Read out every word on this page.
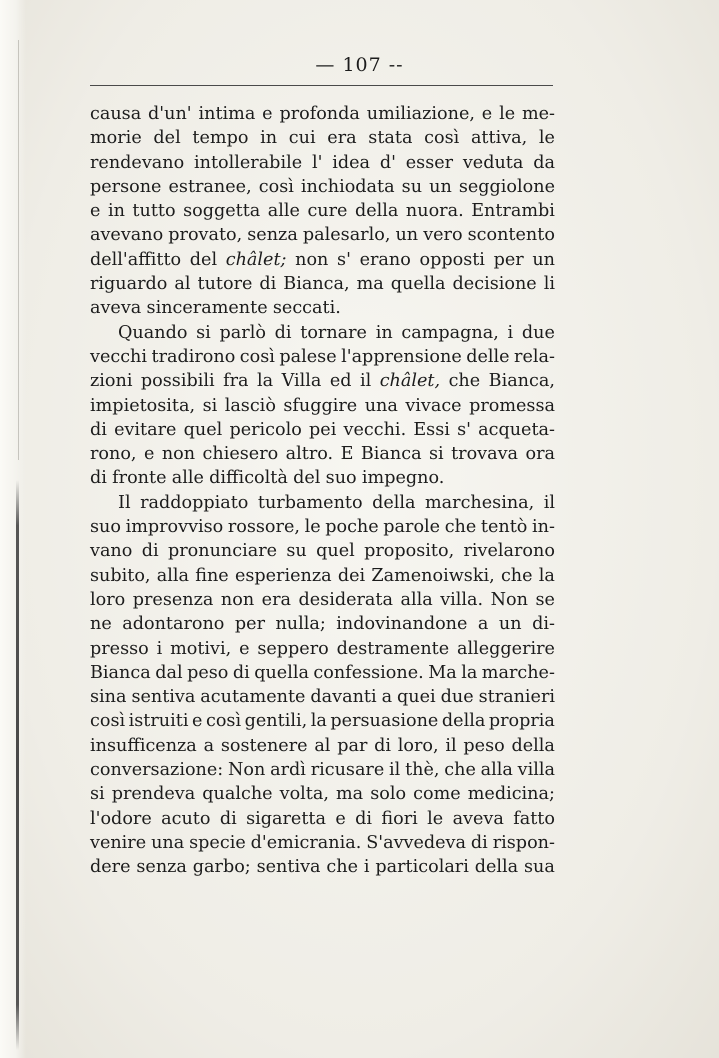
— 107 --
causa d'un' intima e profonda umiliazione, e le me-
morie del tempo in cui era stata così attiva, le
rendevano intollerabile l' idea d' esser veduta da
persone estranee, così inchiodata su un seggiolone
e in tutto soggetta alle cure della nuora. Entrambi
avevano provato, senza palesarlo, un vero scontento
dell'affitto del châlet; non s' erano opposti per un
riguardo al tutore di Bianca, ma quella decisione li
aveva sinceramente seccati.
Quando si parlò di tornare in campagna, i due
vecchi tradirono così palese l'apprensione delle rela-
zioni possibili fra la Villa ed il châlet, che Bianca,
impietosita, si lasciò sfuggire una vivace promessa
di evitare quel pericolo pei vecchi. Essi s' acqueta-
rono, e non chiesero altro. E Bianca si trovava ora
di fronte alle difficoltà del suo impegno.
Il raddoppiato turbamento della marchesina, il
suo improvviso rossore, le poche parole che tentò in-
vano di pronunciare su quel proposito, rivelarono
subito, alla fine esperienza dei Zamenoiwski, che la
loro presenza non era desiderata alla villa. Non se
ne adontarono per nulla; indovinandone a un di-
presso i motivi, e seppero destramente alleggerire
Bianca dal peso di quella confessione. Ma la marche-
sina sentiva acutamente davanti a quei due stranieri
così istruiti e così gentili, la persuasione della propria
insufficenza a sostenere al par di loro, il peso della
conversazione: Non ardì ricusare il thè, che alla villa
si prendeva qualche volta, ma solo come medicina;
l'odore acuto di sigaretta e di fiori le aveva fatto
venire una specie d'emicrania. S'avvedeva di rispon-
dere senza garbo; sentiva che i particolari della sua
